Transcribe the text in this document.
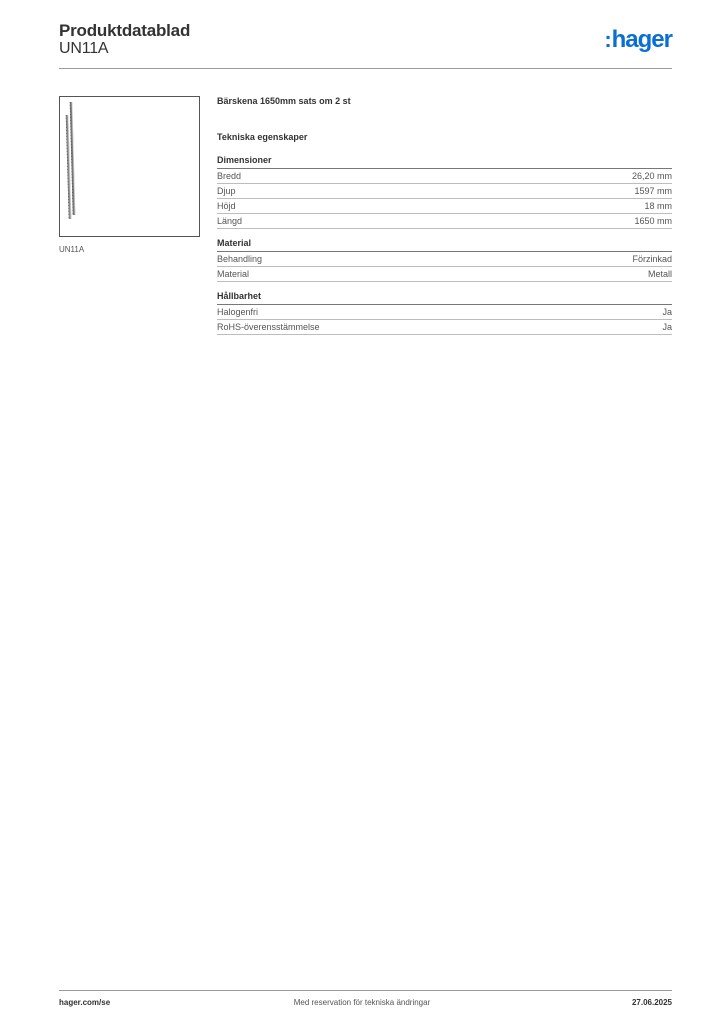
Produktdatablad
UN11A	:hager
UN11A
Bärskena 1650mm sats om 2 st
Tekniska egenskaper
Dimensioner
Bredd	26,20 mm
Djup	1597 mm
Höjd	18 mm
Längd	1650 mm
Material
Behandling	Förzinkad
Material	Metall
Hållbarhet
Halogenfri	Ja
RoHS-överensstämmelse	Ja
hager.com/se	Med reservation för tekniska ändringar	27.06.2025
